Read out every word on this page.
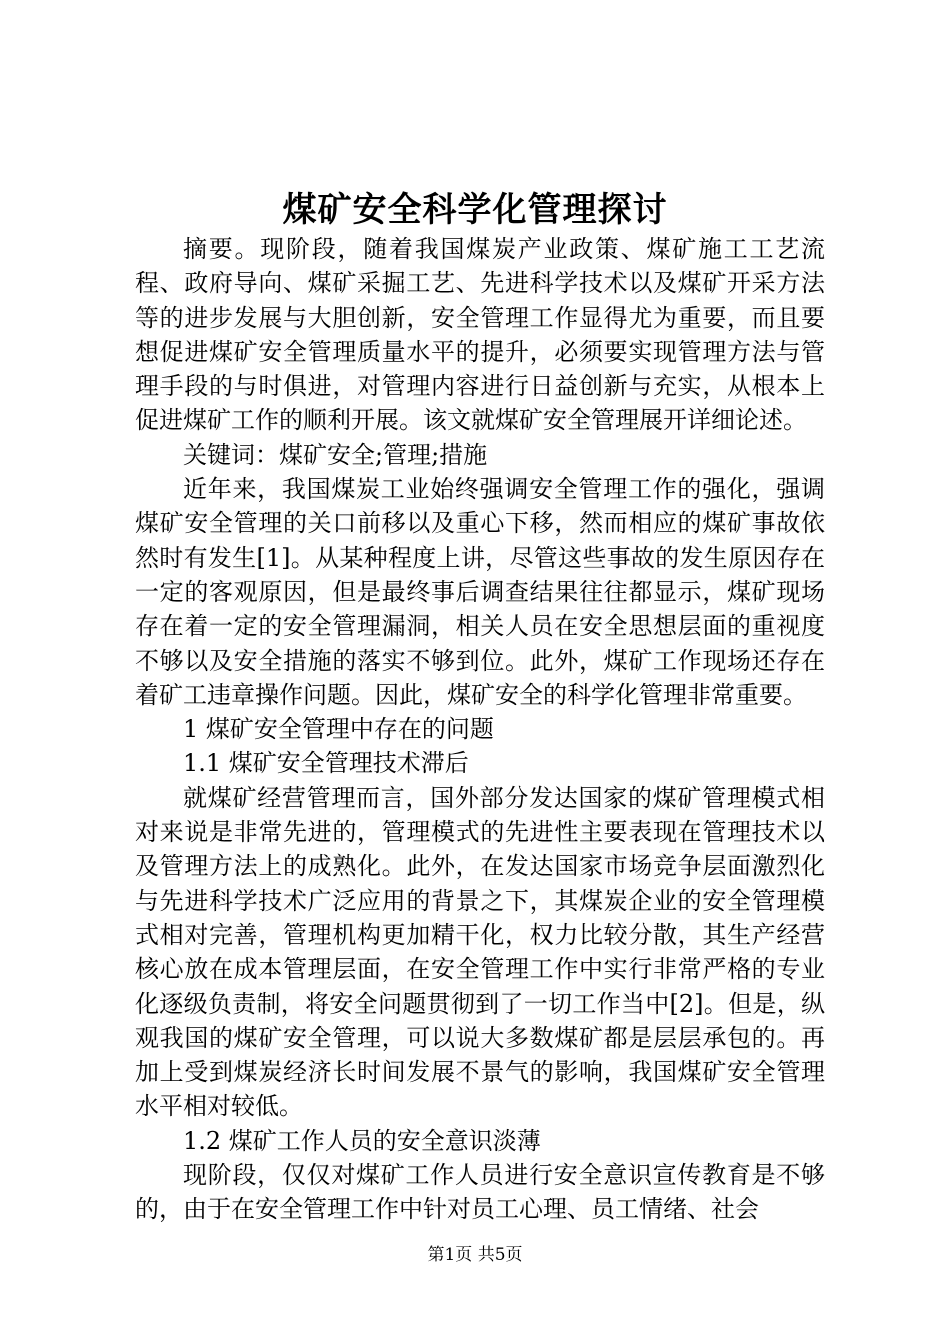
煤矿安全科学化管理探讨

摘要。现阶段，随着我国煤炭产业政策、煤矿施工工艺流程、政府导向、煤矿采掘工艺、先进科学技术以及煤矿开采方法等的进步发展与大胆创新，安全管理工作显得尤为重要，而且要想促进煤矿安全管理质量水平的提升，必须要实现管理方法与管理手段的与时俱进，对管理内容进行日益创新与充实，从根本上促进煤矿工作的顺利开展。该文就煤矿安全管理展开详细论述。

关键词：煤矿安全;管理;措施

近年来，我国煤炭工业始终强调安全管理工作的强化，强调煤矿安全管理的关口前移以及重心下移，然而相应的煤矿事故依然时有发生[1]。从某种程度上讲，尽管这些事故的发生原因存在一定的客观原因，但是最终事后调查结果往往都显示，煤矿现场存在着一定的安全管理漏洞，相关人员在安全思想层面的重视度不够以及安全措施的落实不够到位。此外，煤矿工作现场还存在着矿工违章操作问题。因此，煤矿安全的科学化管理非常重要。

1 煤矿安全管理中存在的问题

1.1 煤矿安全管理技术滞后

就煤矿经营管理而言，国外部分发达国家的煤矿管理模式相对来说是非常先进的，管理模式的先进性主要表现在管理技术以及管理方法上的成熟化。此外，在发达国家市场竞争层面激烈化与先进科学技术广泛应用的背景之下，其煤炭企业的安全管理模式相对完善，管理机构更加精干化，权力比较分散，其生产经营核心放在成本管理层面，在安全管理工作中实行非常严格的专业化逐级负责制，将安全问题贯彻到了一切工作当中[2]。但是，纵观我国的煤矿安全管理，可以说大多数煤矿都是层层承包的。再加上受到煤炭经济长时间发展不景气的影响，我国煤矿安全管理水平相对较低。

1.2 煤矿工作人员的安全意识淡薄

现阶段，仅仅对煤矿工作人员进行安全意识宣传教育是不够的，由于在安全管理工作中针对员工心理、员工情绪、社会

第1页 共5页
